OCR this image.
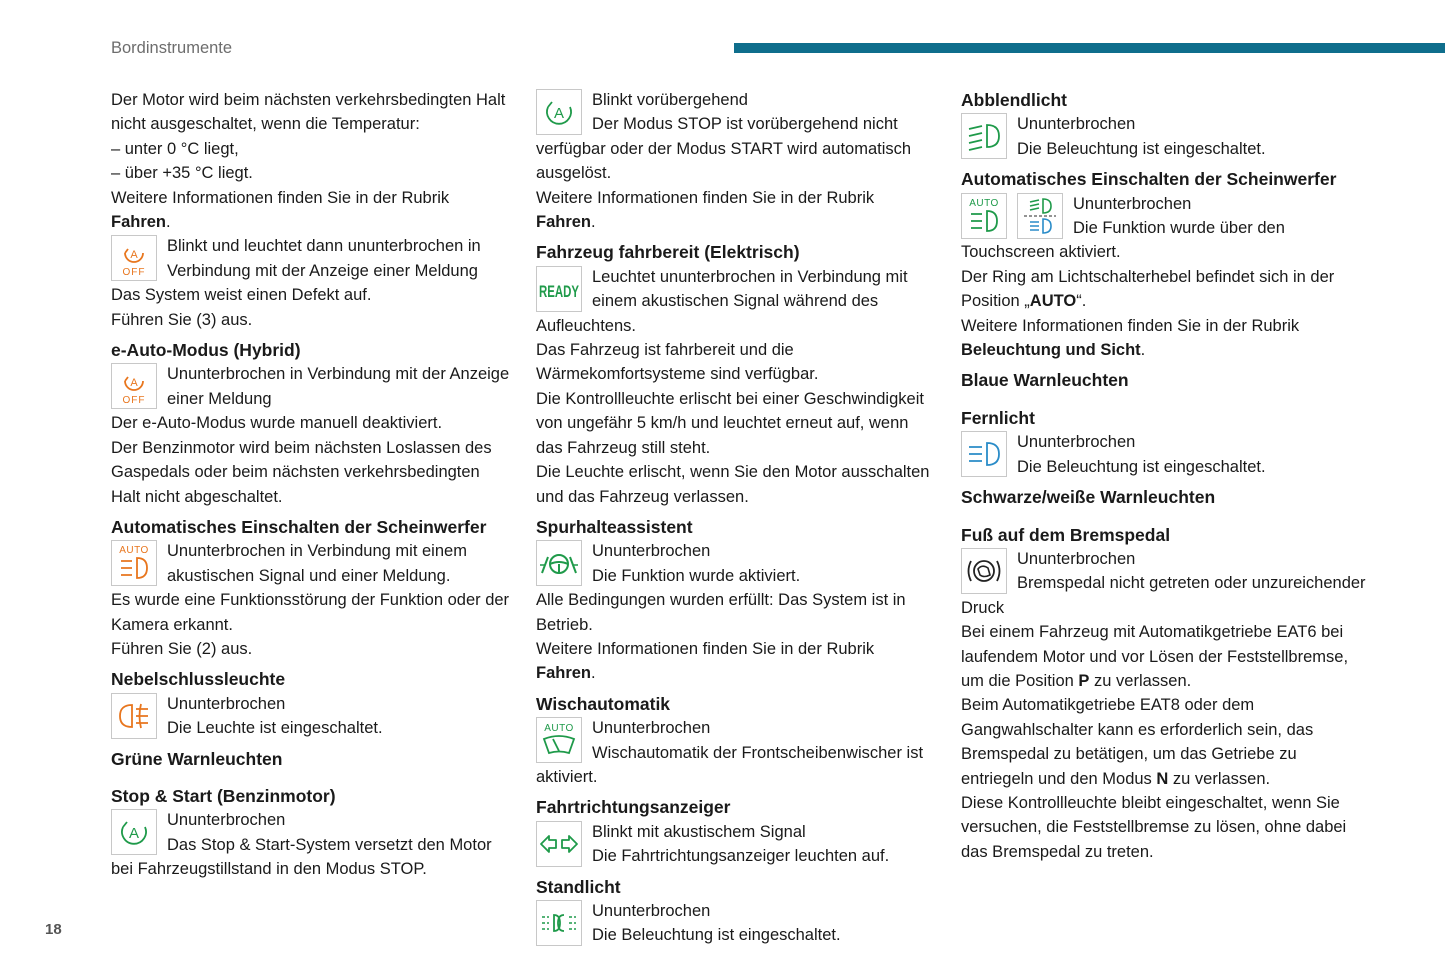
Bordinstrumente

Der Motor wird beim nächsten verkehrsbedingten Halt nicht ausgeschaltet, wenn die Temperatur:

– unter 0 °C liegt,

– über +35 °C liegt.

Weitere Informationen finden Sie in der Rubrik Fahren.

A
OFF

Blinkt und leuchtet dann ununterbrochen in Verbindung mit der Anzeige einer Meldung

Das System weist einen Defekt auf.

Führen Sie (3) aus.

e-Auto-Modus (Hybrid)
A
OFF

Ununterbrochen in Verbindung mit der Anzeige einer Meldung

Der e-Auto-Modus wurde manuell deaktiviert.

Der Benzinmotor wird beim nächsten Loslassen des Gaspedals oder beim nächsten verkehrsbedingten Halt nicht abgeschaltet.

Automatisches Einschalten der Scheinwerfer
AUTO	Ununterbrochen in Verbindung mit einem akustischen Signal und einer Meldung.

Es wurde eine Funktionsstörung der Funktion oder der Kamera erkannt.

Führen Sie (2) aus.

Nebelschlussleuchte

Ununterbrochen

Die Leuchte ist eingeschaltet.

Grüne Warnleuchten
Stop & Start (Benzinmotor)
A

Ununterbrochen

Das Stop & Start-System versetzt den Motor bei Fahrzeugstillstand in den Modus STOP.

A

Blinkt vorübergehend

Der Modus STOP ist vorübergehend nicht verfügbar oder der Modus START wird automatisch ausgelöst.

Weitere Informationen finden Sie in der Rubrik Fahren.

Fahrzeug fahrbereit (Elektrisch)
READY

Leuchtet ununterbrochen in Verbindung mit einem akustischen Signal während des Aufleuchtens.

Das Fahrzeug ist fahrbereit und die Wärmekomfortsysteme sind verfügbar.

Die Kontrollleuchte erlischt bei einer Geschwindigkeit von ungefähr 5 km/h und leuchtet erneut auf, wenn das Fahrzeug still steht.

Die Leuchte erlischt, wenn Sie den Motor ausschalten und das Fahrzeug verlassen.

Spurhalteassistent

Ununterbrochen

Die Funktion wurde aktiviert.

Alle Bedingungen wurden erfüllt: Das System ist in Betrieb.

Weitere Informationen finden Sie in der Rubrik Fahren.

Wischautomatik
AUTO	Ununterbrochen

Wischautomatik der Frontscheibenwischer ist aktiviert.

Fahrtrichtungsanzeiger

Blinkt mit akustischem Signal

Die Fahrtrichtungsanzeiger leuchten auf.

Standlicht

Ununterbrochen

Die Beleuchtung ist eingeschaltet.

Abblendlicht

Ununterbrochen

Die Beleuchtung ist eingeschaltet.

Automatisches Einschalten der Scheinwerfer
AUTO	Ununterbrochen

Die Funktion wurde über den Touchscreen aktiviert.

Der Ring am Lichtschalterhebel befindet sich in der Position „AUTO“.

Weitere Informationen finden Sie in der Rubrik Beleuchtung und Sicht.

Blaue Warnleuchten
Fernlicht

Ununterbrochen

Die Beleuchtung ist eingeschaltet.

Schwarze/weiße Warnleuchten
Fuß auf dem Bremspedal

Ununterbrochen

Bremspedal nicht getreten oder unzureichender Druck

Bei einem Fahrzeug mit Automatikgetriebe EAT6 bei laufendem Motor und vor Lösen der Feststellbremse, um die Position P zu verlassen.

Beim Automatikgetriebe EAT8 oder dem Gangwahlschalter kann es erforderlich sein, das Bremspedal zu betätigen, um das Getriebe zu entriegeln und den Modus N zu verlassen.

Diese Kontrollleuchte bleibt eingeschaltet, wenn Sie versuchen, die Feststellbremse zu lösen, ohne dabei das Bremspedal zu treten.

18
